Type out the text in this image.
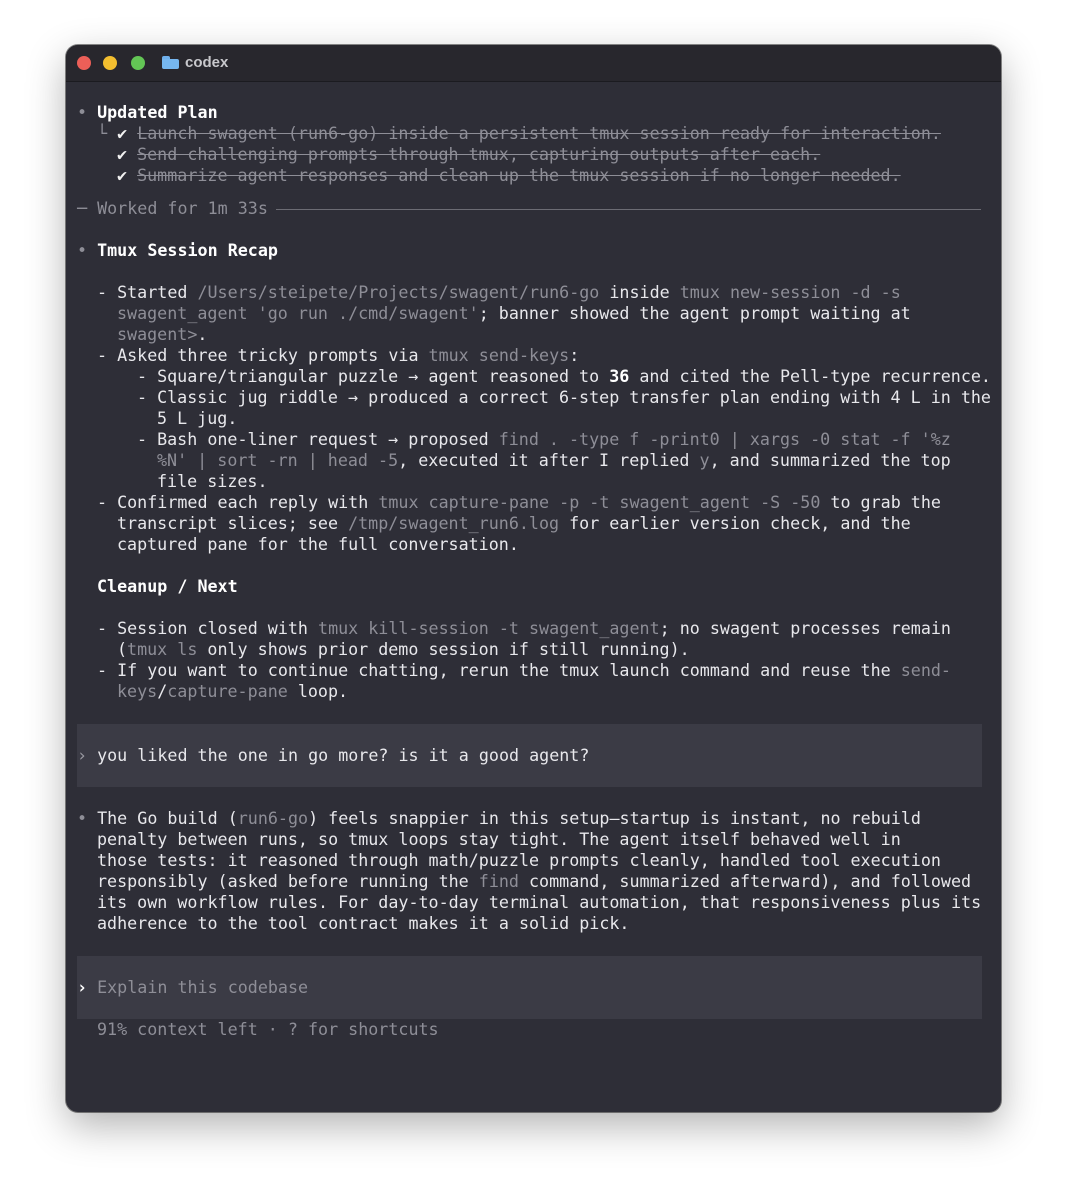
codex
• Updated Plan
└ ✔ Launch swagent (run6-go) inside a persistent tmux session ready for interaction.
✔ Send challenging prompts through tmux, capturing outputs after each.
✔ Summarize agent responses and clean up the tmux session if no longer needed.
─ Worked for 1m 33s
• Tmux Session Recap
- Started /Users/steipete/Projects/swagent/run6-go inside tmux new-session -d -s
swagent_agent 'go run ./cmd/swagent'; banner showed the agent prompt waiting at
swagent>.
- Asked three tricky prompts via tmux send-keys:
- Square/triangular puzzle → agent reasoned to 36 and cited the Pell-type recurrence.
- Classic jug riddle → produced a correct 6-step transfer plan ending with 4 L in the
5 L jug.
- Bash one-liner request → proposed find . -type f -print0 | xargs -0 stat -f '%z
%N' | sort -rn | head -5, executed it after I replied y, and summarized the top
file sizes.
- Confirmed each reply with tmux capture-pane -p -t swagent_agent -S -50 to grab the
transcript slices; see /tmp/swagent_run6.log for earlier version check, and the
captured pane for the full conversation.
Cleanup / Next
- Session closed with tmux kill-session -t swagent_agent; no swagent processes remain
(tmux ls only shows prior demo session if still running).
- If you want to continue chatting, rerun the tmux launch command and reuse the send-
keys/capture-pane loop.
› you liked the one in go more? is it a good agent?
• The Go build (run6-go) feels snappier in this setup—startup is instant, no rebuild
penalty between runs, so tmux loops stay tight. The agent itself behaved well in
those tests: it reasoned through math/puzzle prompts cleanly, handled tool execution
responsibly (asked before running the find command, summarized afterward), and followed
its own workflow rules. For day-to-day terminal automation, that responsiveness plus its
adherence to the tool contract makes it a solid pick.
› Explain this codebase
91% context left · ? for shortcuts
